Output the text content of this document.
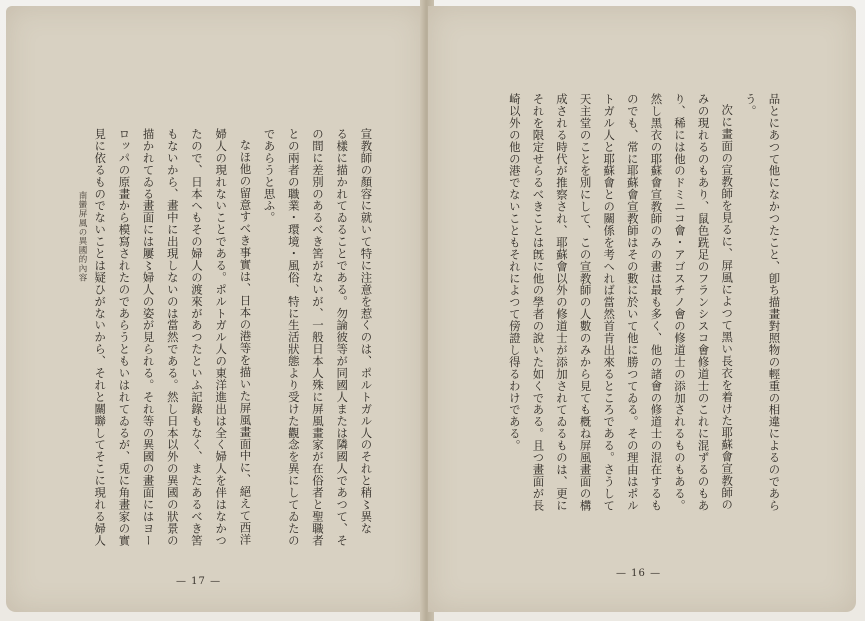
南蠻屏風の異國的內容	宣教師の顏容に就いて特に注意を惹くのは、ポルトガル人のそれと稍〻異な
る樣に描かれてゐることである。勿論彼等が同國人または隣國人であつて、そ
の間に差別のあるべき筈がないが、一般日本人殊に屏風畫家が在俗者と聖職者
との兩者の職業・環境・風俗、特に生活狀態より受けた觀念を異にしてゐたの
であらうと思ふ。
なほ他の留意すべき事實は、日本の港等を描いた屏風畫面中に、絕えて西洋
婦人の現れないことである。ポルトガル人の東洋進出は全く婦人を伴はなかつ
たので、日本へもその婦人の渡來があつたといふ記錄もなく、またあるべき筈
もないから、畫中に出現しないのは當然である。然し日本以外の異國の狀景の
描かれてゐる畫面には屢〻婦人の姿が見られる。それ等の異國の畫面にはヨー
ロッパの原畫から模寫されたのであらうともいはれてゐるが、兎に角畫家の實
見に依るものでないことは疑ひがないから、それと關聯してそこに現れる婦人
— 17 —
品とにあつて他になかつたこと、卽ち描畫對照物の輕重の相違によるのであら
う。
次に畫面の宣教師を見るに、屏風によつて黑い長衣を着けた耶蘇會宣教師の
みの現れるのもあり、鼠色跣足のフランシスコ會修道士のこれに混ずるのもあ
り、稀には他のドミニコ會・アゴスチノ會の修道士の添加されるものもある。
然し黑衣の耶蘇會宣教師のみの畫は最も多く、他の諸會の修道士の混在するも
のでも、常に耶蘇會宣教師はその數に於いて他に勝つてゐる。その理由はポル
トガル人と耶蘇會との關係を考へれば當然首肯出來るところである。さうして
天主堂のことを別にして、この宣教師の人數のみから見ても槪ね屏風畫面の構
成される時代が推察され、耶蘇會以外の修道士が添加されてゐるものは、更に
それを限定せらるべきことは旣に他の學者の說いた如くである。且つ畫面が長
崎以外の他の港でないこともそれによつて傍證し得るわけである。
— 16 —
